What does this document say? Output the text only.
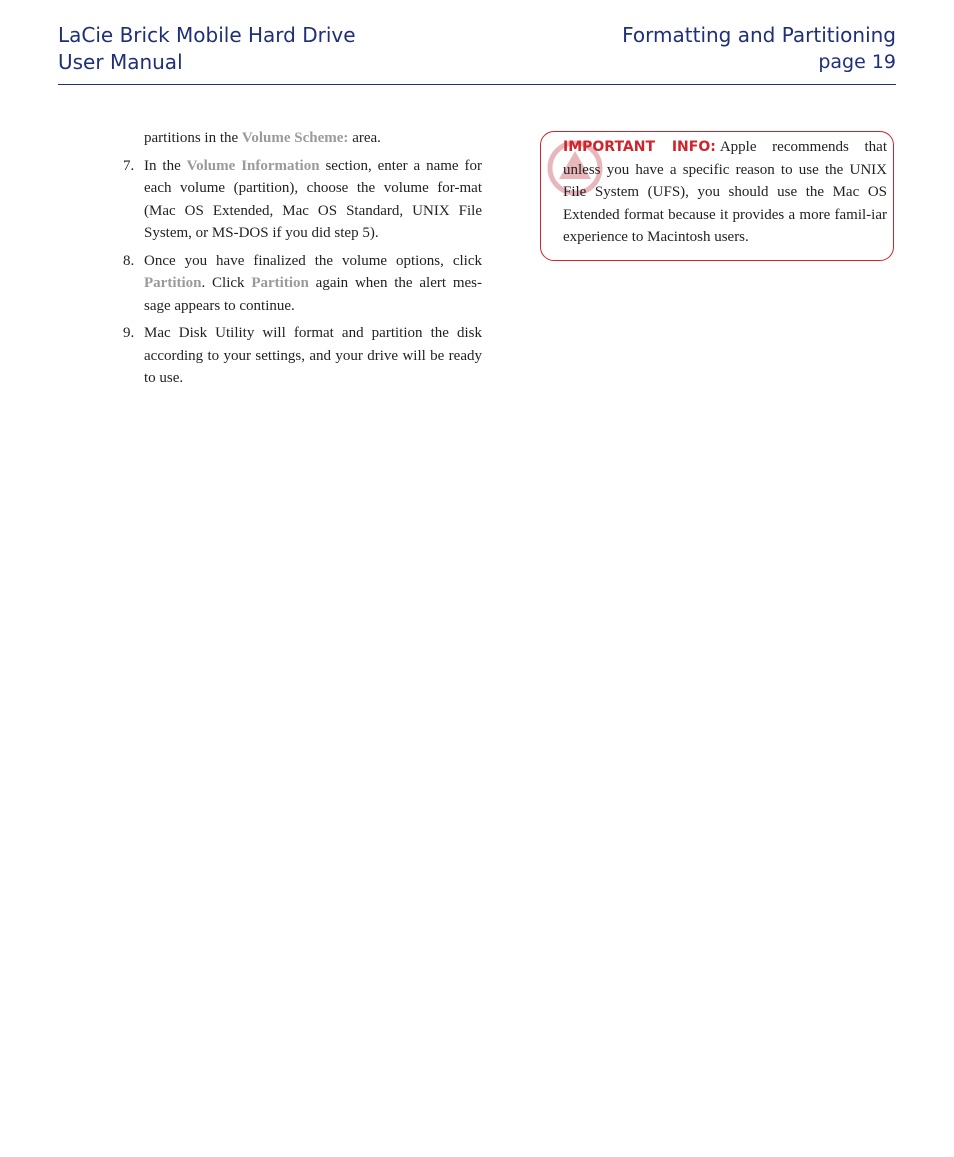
LaCie Brick Mobile Hard Drive
User Manual
Formatting and Partitioning
page 19
partitions in the Volume Scheme: area.
7. In the Volume Information section, enter a name for each volume (partition), choose the volume for-mat (Mac OS Extended, Mac OS Standard, UNIX File System, or MS-DOS if you did step 5).
8. Once you have finalized the volume options, click Partition. Click Partition again when the alert mes-sage appears to continue.
9. Mac Disk Utility will format and partition the disk according to your settings, and your drive will be ready to use.
IMPORTANT INFO: Apple recommends that unless you have a specific reason to use the UNIX File System (UFS), you should use the Mac OS Extended format because it provides a more famil-iar experience to Macintosh users.
